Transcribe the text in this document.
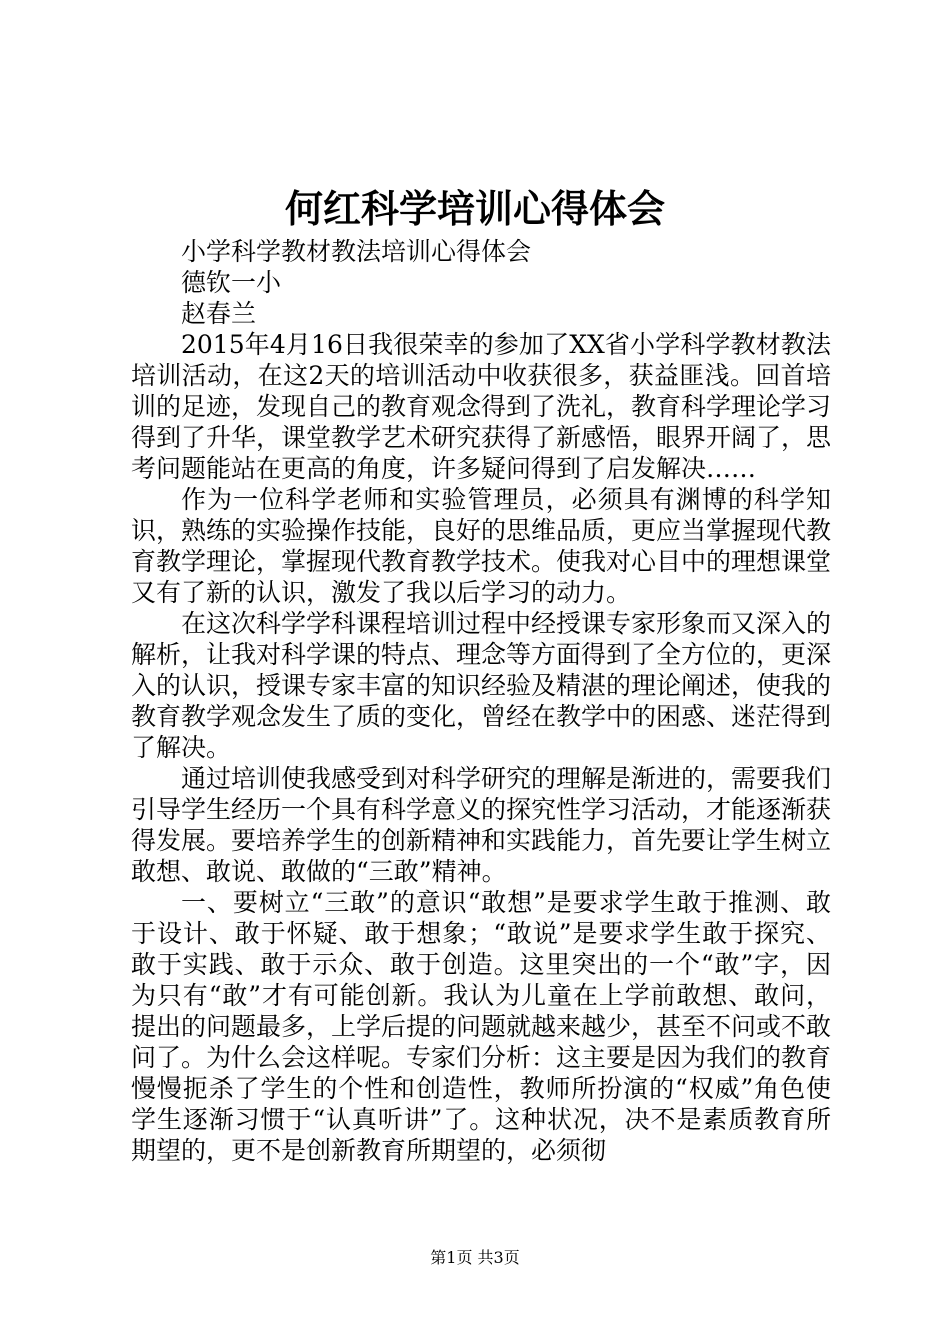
何红科学培训心得体会

小学科学教材教法培训心得体会

德钦一小

赵春兰

2015年4月16日我很荣幸的参加了XX省小学科学教材教法培训活动，在这2天的培训活动中收获很多，获益匪浅。回首培训的足迹，发现自己的教育观念得到了洗礼，教育科学理论学习得到了升华，课堂教学艺术研究获得了新感悟，眼界开阔了，思考问题能站在更高的角度，许多疑问得到了启发解决……

作为一位科学老师和实验管理员，必须具有渊博的科学知识，熟练的实验操作技能，良好的思维品质，更应当掌握现代教育教学理论，掌握现代教育教学技术。使我对心目中的理想课堂又有了新的认识，激发了我以后学习的动力。

在这次科学学科课程培训过程中经授课专家形象而又深入的解析，让我对科学课的特点、理念等方面得到了全方位的，更深入的认识，授课专家丰富的知识经验及精湛的理论阐述，使我的教育教学观念发生了质的变化，曾经在教学中的困惑、迷茫得到了解决。

通过培训使我感受到对科学研究的理解是渐进的，需要我们引导学生经历一个具有科学意义的探究性学习活动，才能逐渐获得发展。要培养学生的创新精神和实践能力，首先要让学生树立敢想、敢说、敢做的“三敢”精神。

一、要树立“三敢”的意识“敢想”是要求学生敢于推测、敢于设计、敢于怀疑、敢于想象；“敢说”是要求学生敢于探究、敢于实践、敢于示众、敢于创造。这里突出的一个“敢”字，因为只有“敢”才有可能创新。我认为儿童在上学前敢想、敢问，提出的问题最多，上学后提的问题就越来越少，甚至不问或不敢问了。为什么会这样呢。专家们分析：这主要是因为我们的教育慢慢扼杀了学生的个性和创造性，教师所扮演的“权威”角色使学生逐渐习惯于“认真听讲”了。这种状况，决不是素质教育所期望的，更不是创新教育所期望的，必须彻

第1页 共3页
